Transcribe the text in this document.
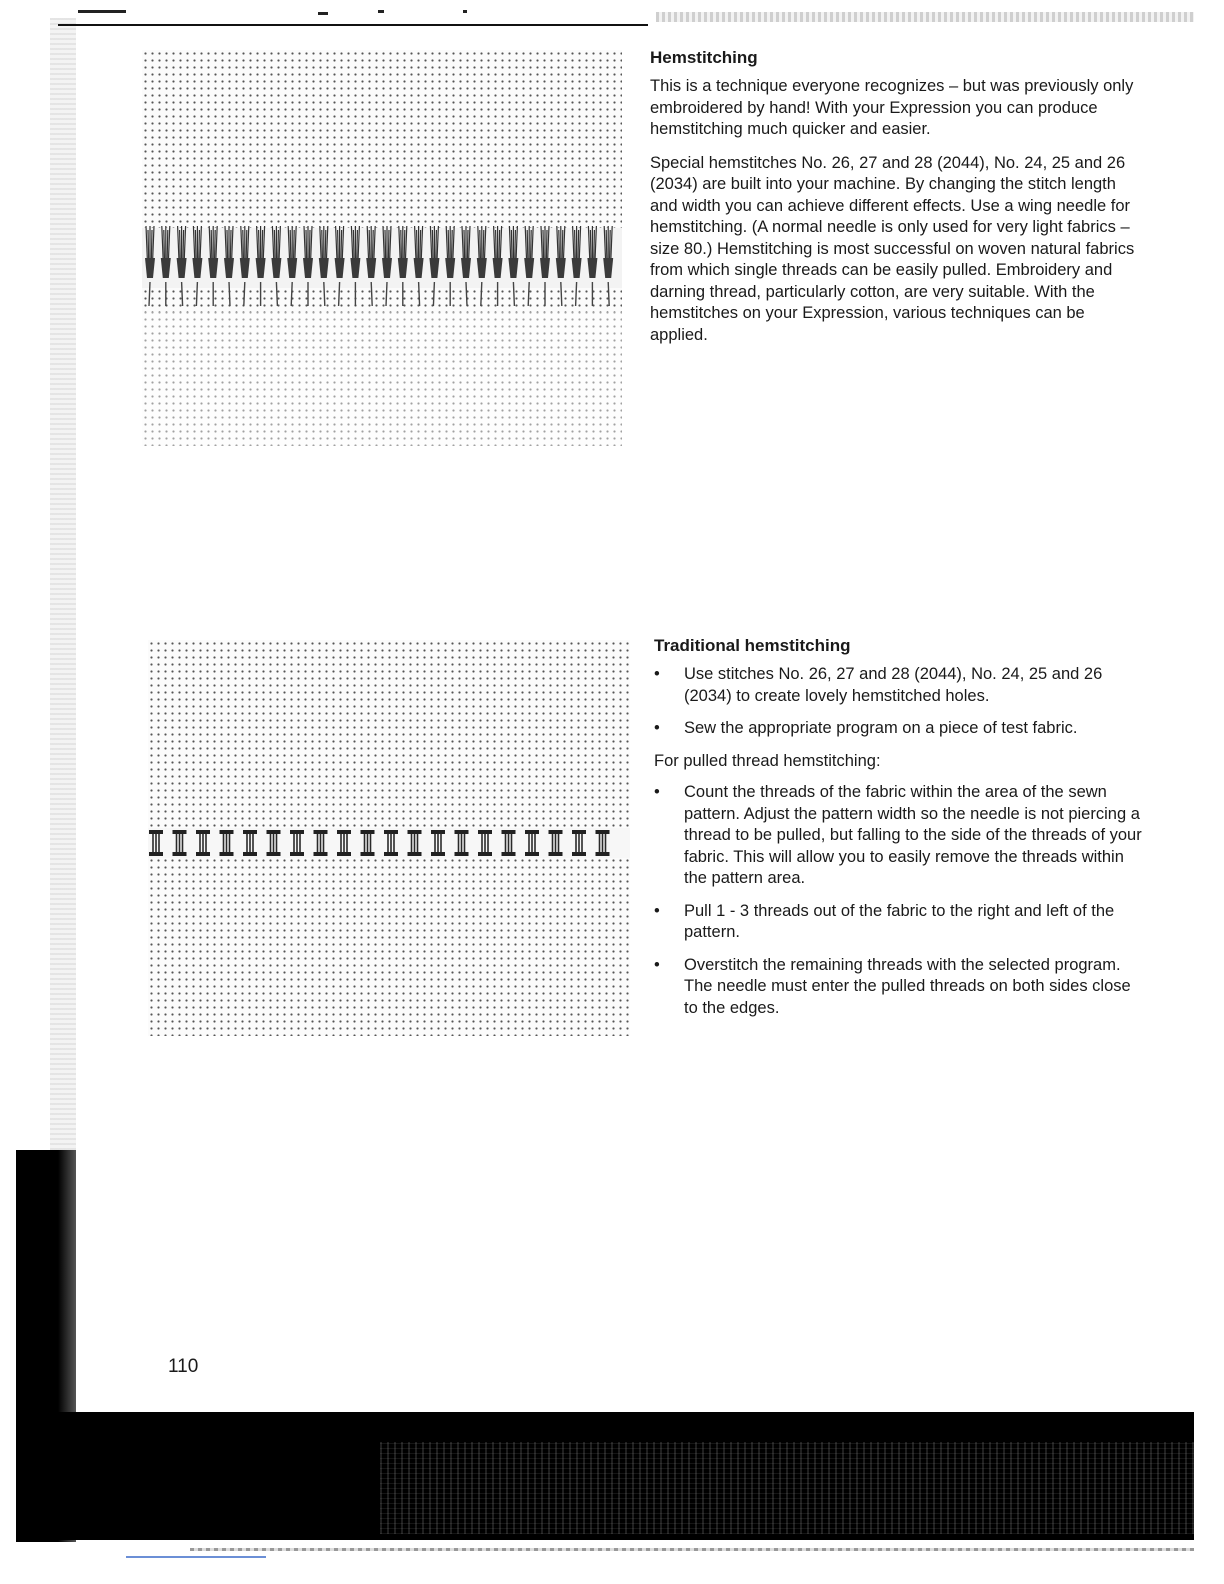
Hemstitching

This is a technique everyone recognizes – but was previously only embroidered by hand! With your Expression you can produce hemstitching much quicker and easier.

Special hemstitches No. 26, 27 and 28 (2044), No. 24, 25 and 26 (2034) are built into your machine. By changing the stitch length and width you can achieve different effects. Use a wing needle for hemstitching. (A normal needle is only used for very light fabrics – size 80.) Hemstitching is most successful on woven natural fabrics from which single threads can be easily pulled. Embroidery and darning thread, particularly cotton, are very suitable. With the hemstitches on your Expression, various techniques can be applied.

Traditional hemstitching
• Use stitches No. 26, 27 and 28 (2044), No. 24, 25 and 26 (2034) to create lovely hemstitched holes.
• Sew the appropriate program on a piece of test fabric.

For pulled thread hemstitching:

• Count the threads of the fabric within the area of the sewn pattern. Adjust the pattern width so the needle is not piercing a thread to be pulled, but falling to the side of the threads of your fabric. This will allow you to easily remove the threads within the pattern area.
• Pull 1 - 3 threads out of the fabric to the right and left of the pattern.
• Overstitch the remaining threads with the selected program. The needle must enter the pulled threads on both sides close to the edges.
110
